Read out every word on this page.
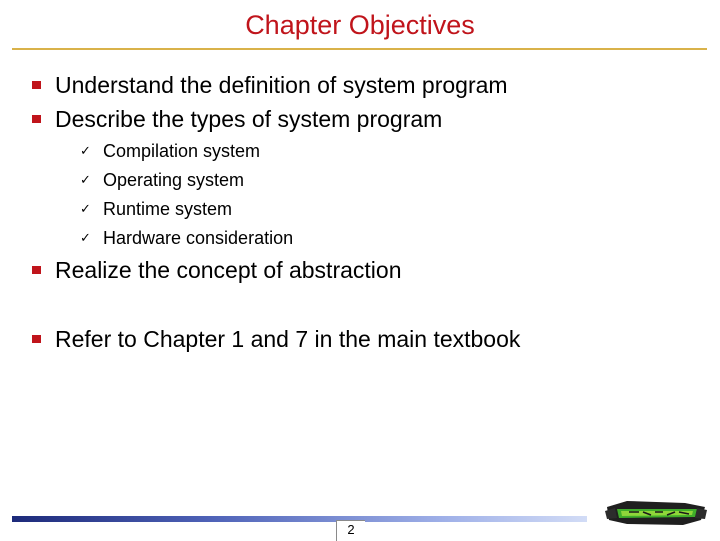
Chapter Objectives
Understand the definition of system program
Describe the types of system program
✓ Compilation system
✓ Operating system
✓ Runtime system
✓ Hardware consideration
Realize the concept of abstraction
Refer to Chapter 1 and 7 in the main textbook
2
